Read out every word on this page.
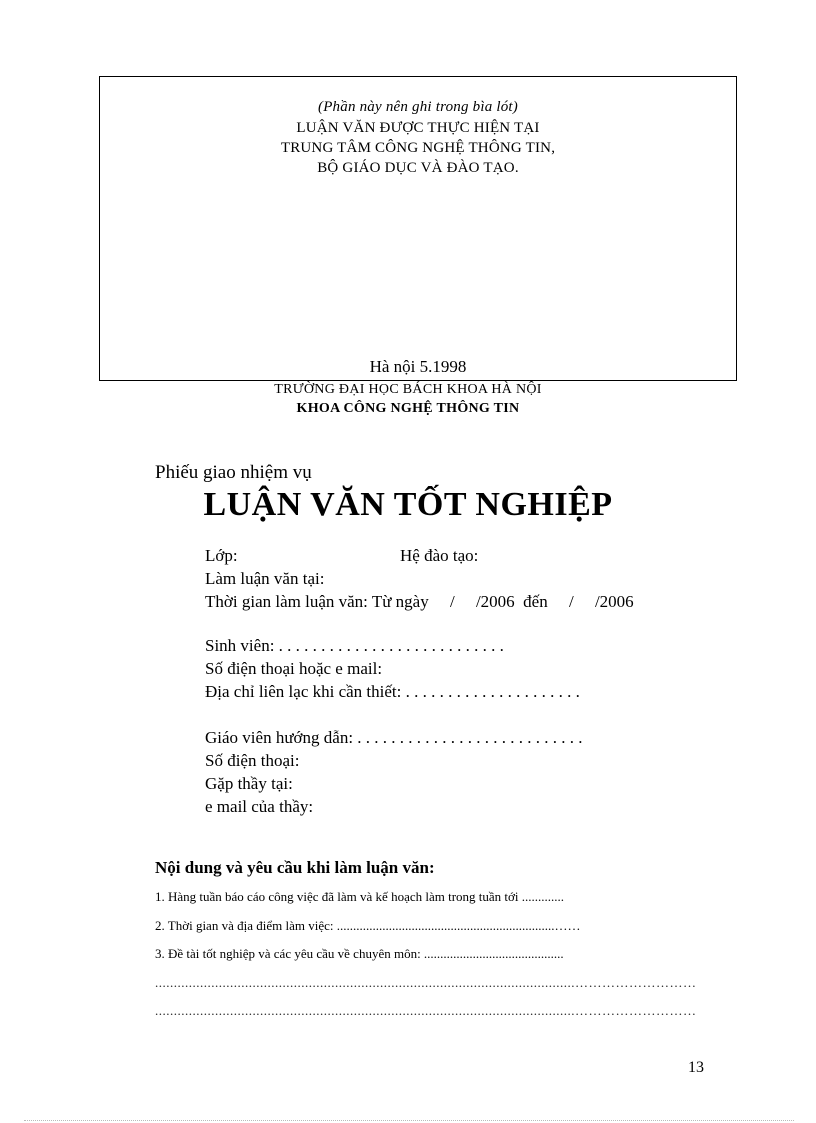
(Phần này nên ghi trong bìa lót)
LUẬN VĂN ĐƯỢC THỰC HIỆN TẠI
TRUNG TÂM CÔNG NGHỆ THÔNG TIN,
BỘ GIÁO DỤC VÀ ĐÀO TẠO.
Hà nội 5.1998
TRƯỜNG ĐẠI HỌC BÁCH KHOA HÀ NỘI
KHOA CÔNG NGHỆ THÔNG TIN
Phiếu giao nhiệm vụ
LUẬN VĂN TỐT NGHIỆP
Lớp:	Hệ đào tạo:
Làm luận văn tại:
Thời gian làm luận văn: Từ ngày     /     /2006  đến     /     /2006
Sinh viên: . . . . . . . . . . . . . . . . . . . . . . . . . . .
Số điện thoại hoặc e mail:
Địa chỉ liên lạc khi cần thiết: . . . . . . . . . . . . . . . . . . . . .
Giáo viên hướng dẫn: . . . . . . . . . . . . . . . . . . . . . . . . . . .
Số điện thoại:
Gặp thầy tại:
e mail của thầy:
Nội dung và yêu cầu khi làm luận văn:
1. Hàng tuần báo cáo công việc đã làm và kế hoạch làm trong tuần tới .............
2. Thời gian và địa điểm làm việc: ...................................................................……
3. Đề tài tốt nghiệp và các yêu cầu về chuyên môn: ...........................................
................................................................................................................………………………
................................................................................................................………………………
13
